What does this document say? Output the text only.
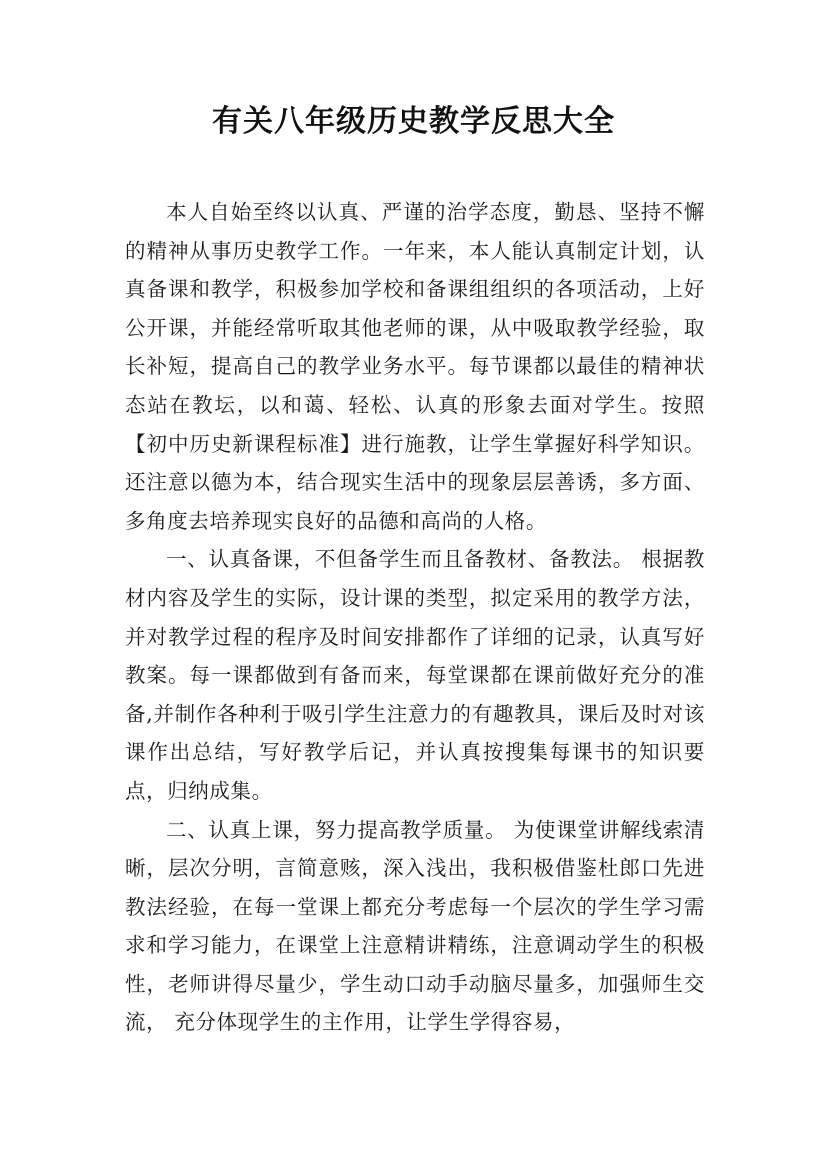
有关八年级历史教学反思大全

本人自始至终以认真、严谨的治学态度，勤恳、坚持不懈的精神从事历史教学工作。一年来，本人能认真制定计划，认真备课和教学，积极参加学校和备课组组织的各项活动，上好公开课，并能经常听取其他老师的课，从中吸取教学经验，取长补短，提高自己的教学业务水平。每节课都以最佳的精神状态站在教坛，以和蔼、轻松、认真的形象去面对学生。按照【初中历史新课程标准】进行施教，让学生掌握好科学知识。还注意以德为本，结合现实生活中的现象层层善诱，多方面、多角度去培养现实良好的品德和高尚的人格。

一、认真备课，不但备学生而且备教材、备教法。 根据教材内容及学生的实际，设计课的类型，拟定采用的教学方法，并对教学过程的程序及时间安排都作了详细的记录，认真写好教案。每一课都做到有备而来，每堂课都在课前做好充分的准备,并制作各种利于吸引学生注意力的有趣教具，课后及时对该课作出总结，写好教学后记，并认真按搜集每课书的知识要点，归纳成集。

二、认真上课，努力提高教学质量。 为使课堂讲解线索清晰，层次分明，言简意赅，深入浅出，我积极借鉴杜郎口先进教法经验，在每一堂课上都充分考虑每一个层次的学生学习需求和学习能力，在课堂上注意精讲精练，注意调动学生的积极性，老师讲得尽量少，学生动口动手动脑尽量多，加强师生交流， 充分体现学生的主作用，让学生学得容易，
